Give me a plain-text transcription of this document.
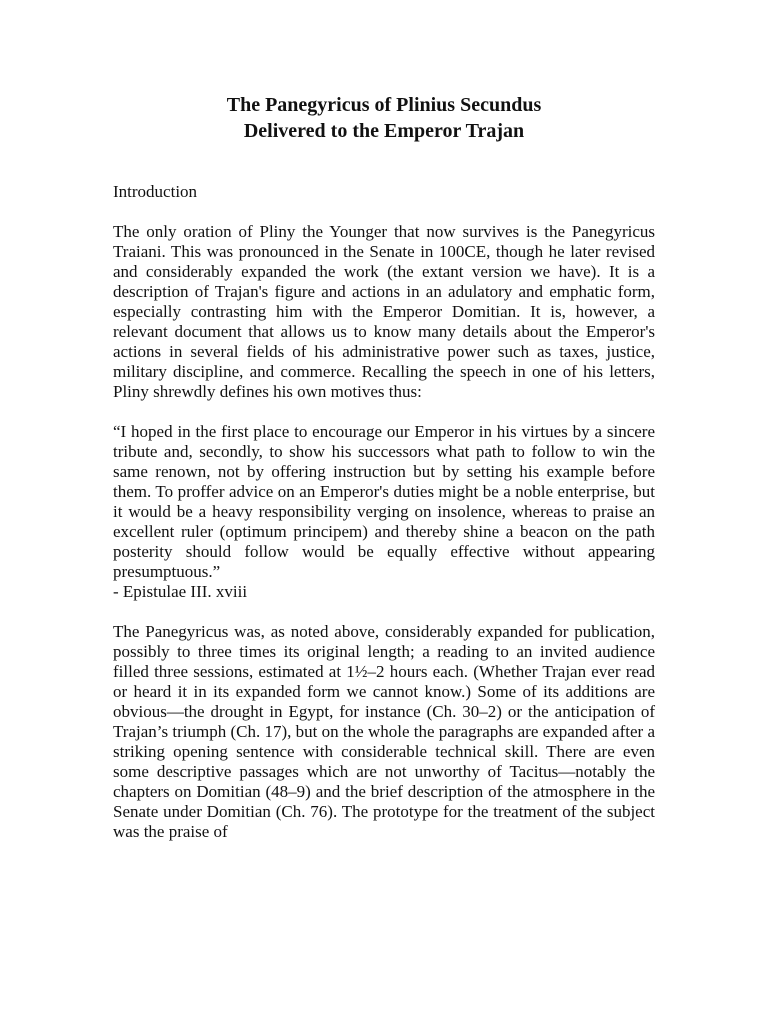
The Panegyricus of Plinius Secundus
Delivered to the Emperor Trajan

Introduction

The only oration of Pliny the Younger that now survives is the Panegyricus Traiani. This was pronounced in the Senate in 100CE, though he later revised and considerably expanded the work (the extant version we have). It is a description of Trajan's figure and actions in an adulatory and emphatic form, especially contrasting him with the Emperor Domitian. It is, however, a relevant document that allows us to know many details about the Emperor's actions in several fields of his administrative power such as taxes, justice, military discipline, and commerce. Recalling the speech in one of his letters, Pliny shrewdly defines his own motives thus:

“I hoped in the first place to encourage our Emperor in his virtues by a sincere tribute and, secondly, to show his successors what path to follow to win the same renown, not by offering instruction but by setting his example before them. To proffer advice on an Emperor's duties might be a noble enterprise, but it would be a heavy responsibility verging on insolence, whereas to praise an excellent ruler (optimum principem) and thereby shine a beacon on the path posterity should follow would be equally effective without appearing presumptuous.”

- Epistulae III. xviii

The Panegyricus was, as noted above, considerably expanded for publication, possibly to three times its original length; a reading to an invited audience filled three sessions, estimated at 1½–2 hours each. (Whether Trajan ever read or heard it in its expanded form we cannot know.) Some of its additions are obvious—the drought in Egypt, for instance (Ch. 30–2) or the anticipation of Trajan’s triumph (Ch. 17), but on the whole the paragraphs are expanded after a striking opening sentence with considerable technical skill. There are even some descriptive passages which are not unworthy of Tacitus—notably the chapters on Domitian (48–9) and the brief description of the atmosphere in the Senate under Domitian (Ch. 76). The prototype for the treatment of the subject was the praise of
